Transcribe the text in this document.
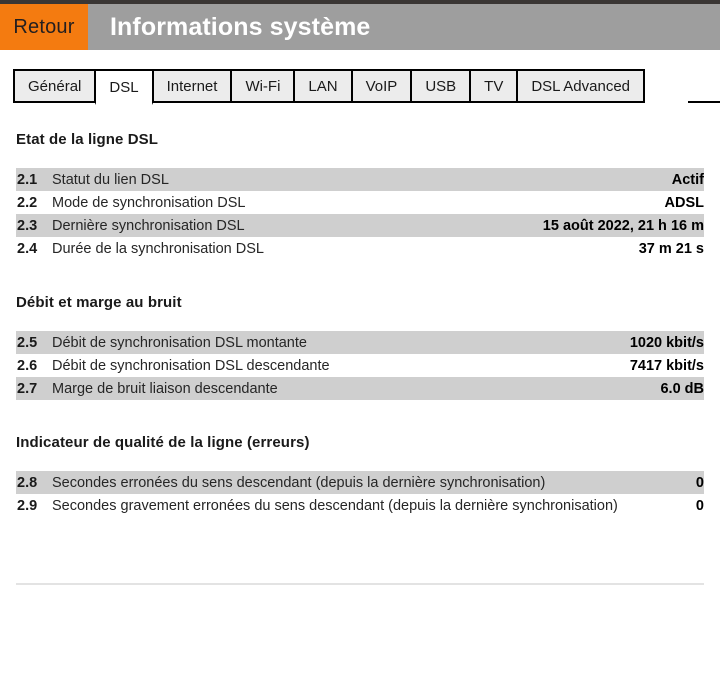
Retour	Informations système
Général DSL Internet Wi-Fi LAN VoIP USB TV DSL Advanced
Etat de la ligne DSL
2.1	Statut du lien DSL	Actif
2.2	Mode de synchronisation DSL	ADSL
2.3	Dernière synchronisation DSL	15 août 2022, 21 h 16 m
2.4	Durée de la synchronisation DSL	37 m 21 s
Débit et marge au bruit
2.5	Débit de synchronisation DSL montante	1020 kbit/s
2.6	Débit de synchronisation DSL descendante	7417 kbit/s
2.7	Marge de bruit liaison descendante	6.0 dB
Indicateur de qualité de la ligne (erreurs)
2.8	Secondes erronées du sens descendant (depuis la dernière synchronisation)	0
2.9	Secondes gravement erronées du sens descendant (depuis la dernière synchronisation)	0
